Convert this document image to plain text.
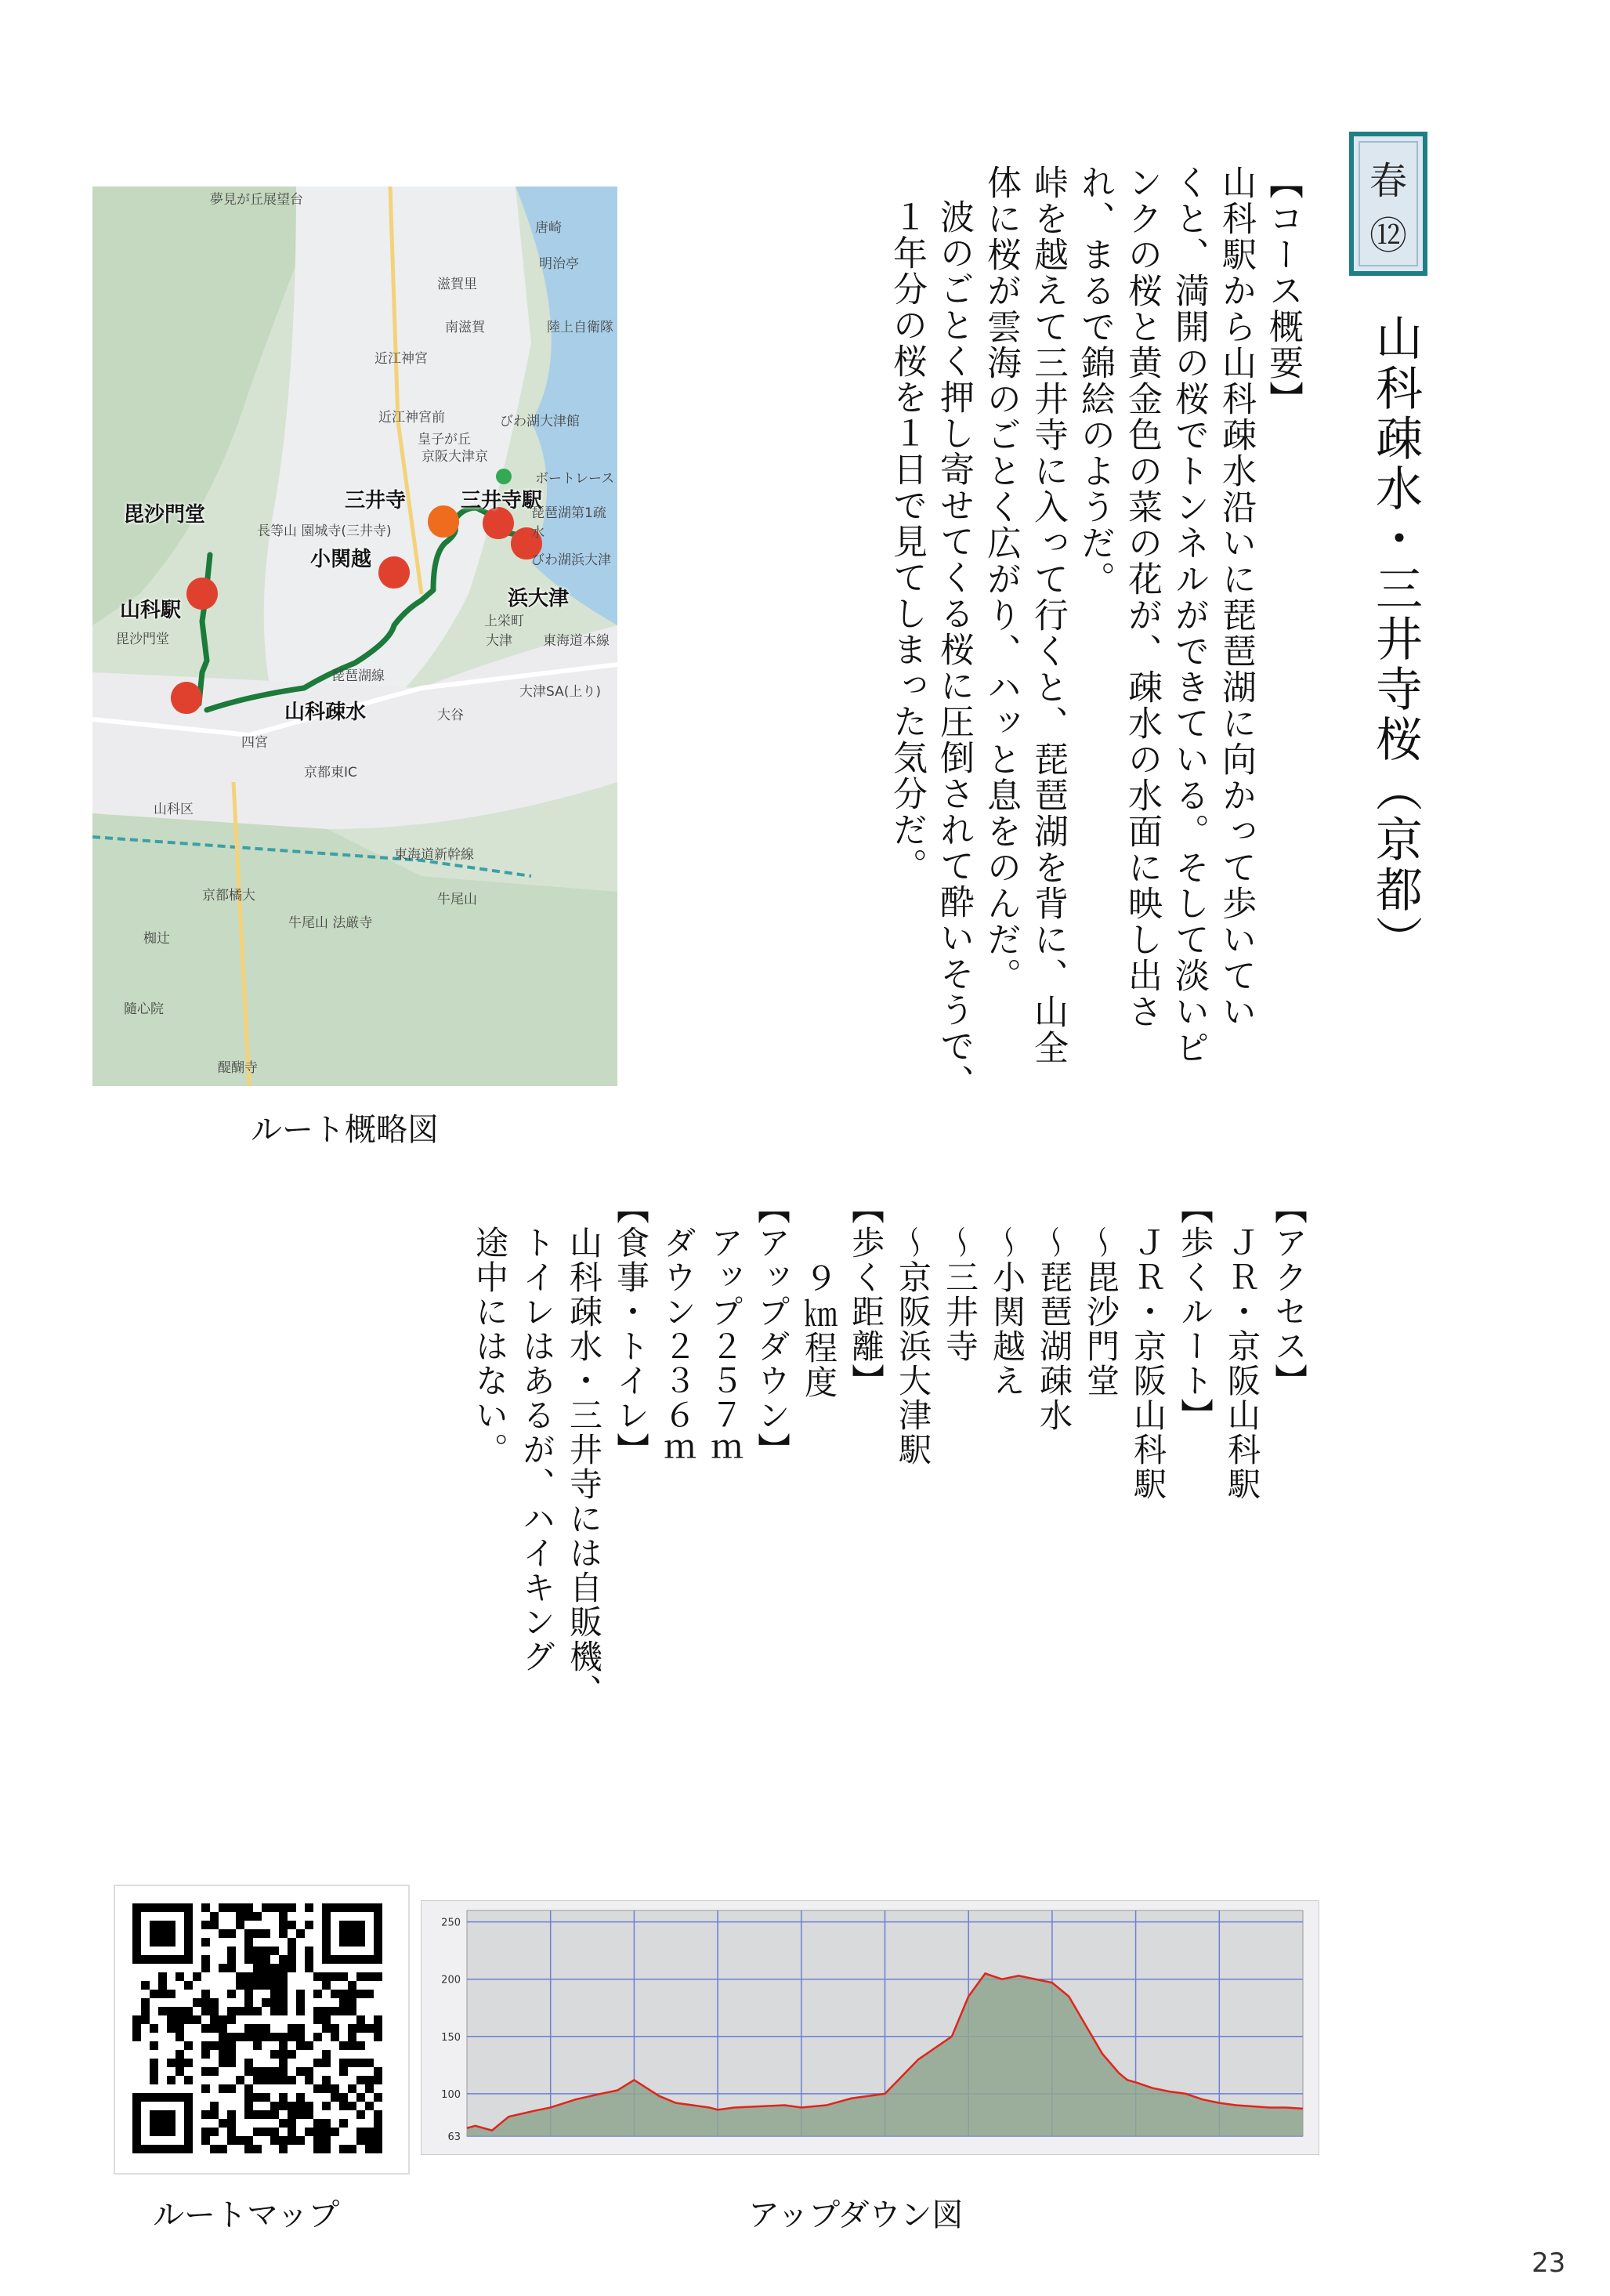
春
⑫
山科疎水・三井寺桜（京都）

【コース概要】

山科駅から山科疎水沿いに琵琶湖に向かって歩いてい

くと、満開の桜でトンネルができている。そして淡いピ

ンクの桜と黄金色の菜の花が、疎水の水面に映し出さ

れ、まるで錦絵のようだ。

峠を越えて三井寺に入って行くと、琵琶湖を背に、山全

体に桜が雲海のごとく広がり、ハッと息をのんだ。

波のごとく押し寄せてくる桜に圧倒されて酔いそうで、

１年分の桜を１日で見てしまった気分だ。

【アクセス】

ＪＲ・京阪山科駅

【歩くルート】

ＪＲ・京阪山科駅

～毘沙門堂

～琵琶湖疎水

～小関越え

～三井寺

～京阪浜大津駅

【歩く距離】

９㎞程度

【アップダウン】

アップ２５７ｍ

ダウン２３６ｍ

【食事・トイレ】

山科疎水・三井寺には自販機、

トイレはあるが、ハイキング

途中にはない。

山科駅
毘沙門堂
小関越
三井寺	三井寺駅
浜大津
山科疎水
夢見が丘展望台
唐崎
明治亭
滋賀里
南滋賀	陸上自衛隊
近江神宮
近江神宮前
皇子が丘
京阪大津京
びわ湖大津館
ボートレース
長等山 園城寺(三井寺)
琵琶湖第1疏水
びわ湖浜大津
上栄町
大津 東海道本線
大津SA(上り)
琵琶湖線
大谷
毘沙門堂
四宮
京都東IC
山科区
東海道新幹線
京都橘大
椥辻
牛尾山 法厳寺
牛尾山
隨心院
醍醐寺
ルート概略図
ルートマップ
63
100
150
200
250
アップダウン図
23
